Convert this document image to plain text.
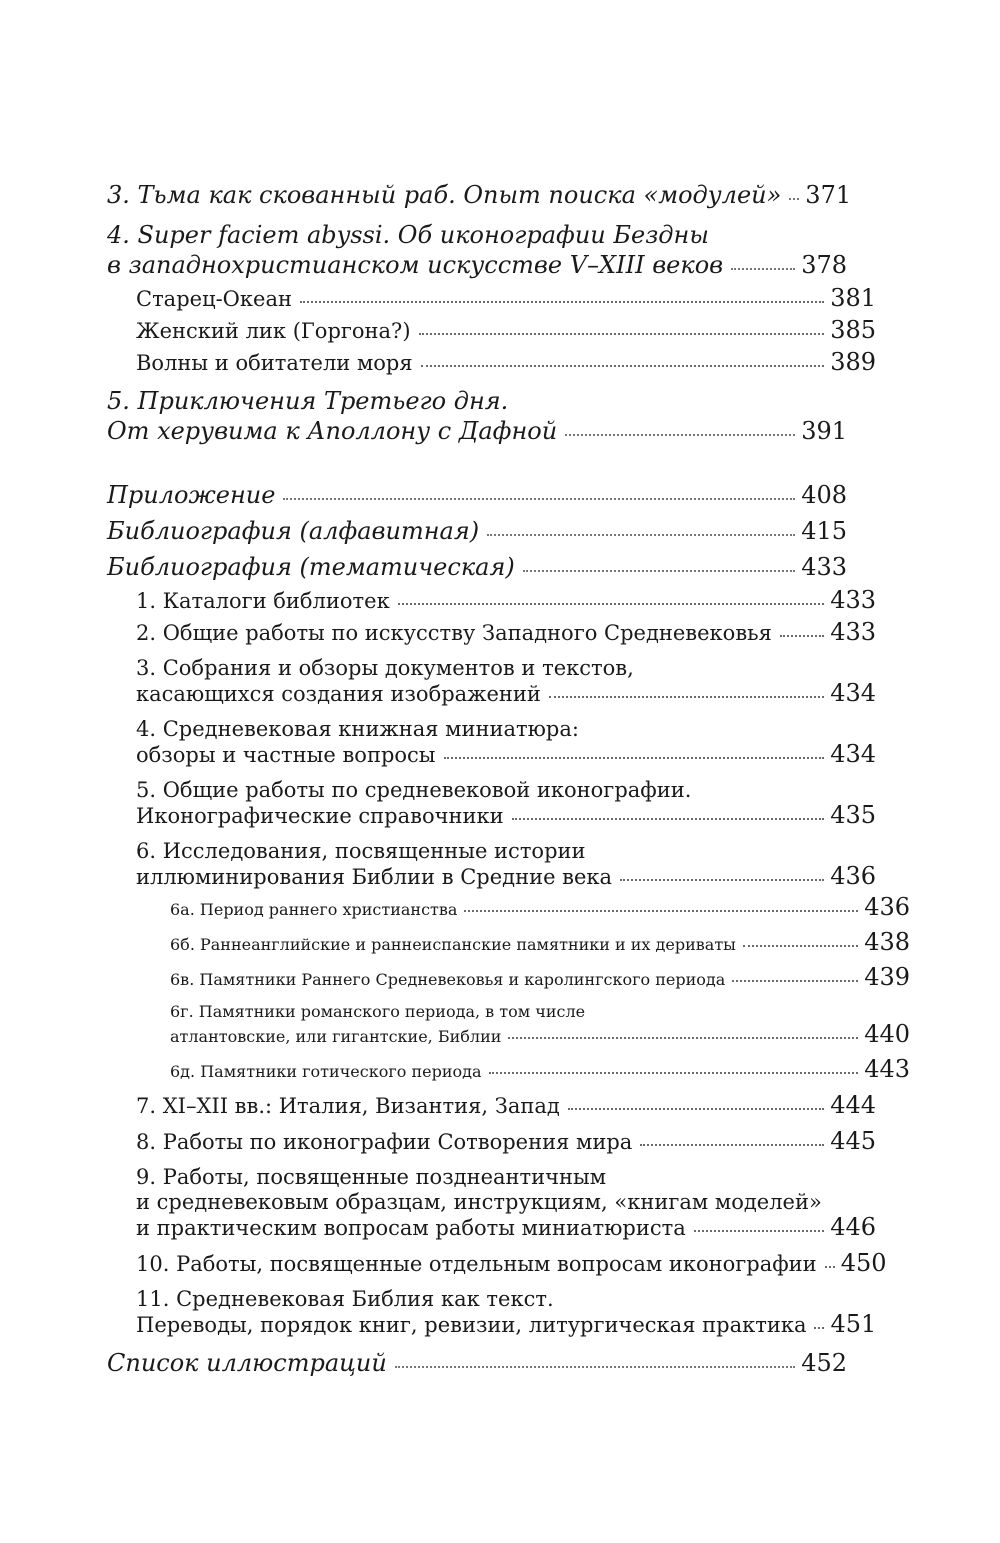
3. Тьма как скованный раб. Опыт поиска «модулей» 371
4. Super faciem abyssi. Об иконографии Бездны
в западнохристианском искусстве V–XIII веков	378
Старец-Океан	381
Женский лик (Горгона?)	385
Волны и обитатели моря	389
5. Приключения Третьего дня.
От херувима к Аполлону с Дафной	391
Приложение	408
Библиография (алфавитная)	415
Библиография (тематическая)	433
1. Каталоги библиотек	433
2. Общие работы по искусству Западного Средневековья 433
3. Собрания и обзоры документов и текстов,
касающихся создания изображений	434
4. Средневековая книжная миниатюра:
обзоры и частные вопросы	434
5. Общие работы по средневековой иконографии.
Иконографические справочники	435
6. Исследования, посвященные истории
иллюминирования Библии в Средние века	436
6а. Период раннего христианства	436
6б. Раннеанглийские и раннеиспанские памятники и их дериваты	438
6в. Памятники Раннего Средневековья и каролингского периода	439
6г. Памятники романского периода, в том числе
атлантовские, или гигантские, Библии	440
6д. Памятники готического периода	443
7. XI–XII вв.: Италия, Византия, Запад	444
8. Работы по иконографии Сотворения мира	445
9. Работы, посвященные позднеантичным
и средневековым образцам, инструкциям, «книгам моделей»
и практическим вопросам работы миниатюриста	446
10. Работы, посвященные отдельным вопросам иконографии 450
11. Средневековая Библия как текст.
Переводы, порядок книг, ревизии, литургическая практика 451
Список иллюстраций	452
